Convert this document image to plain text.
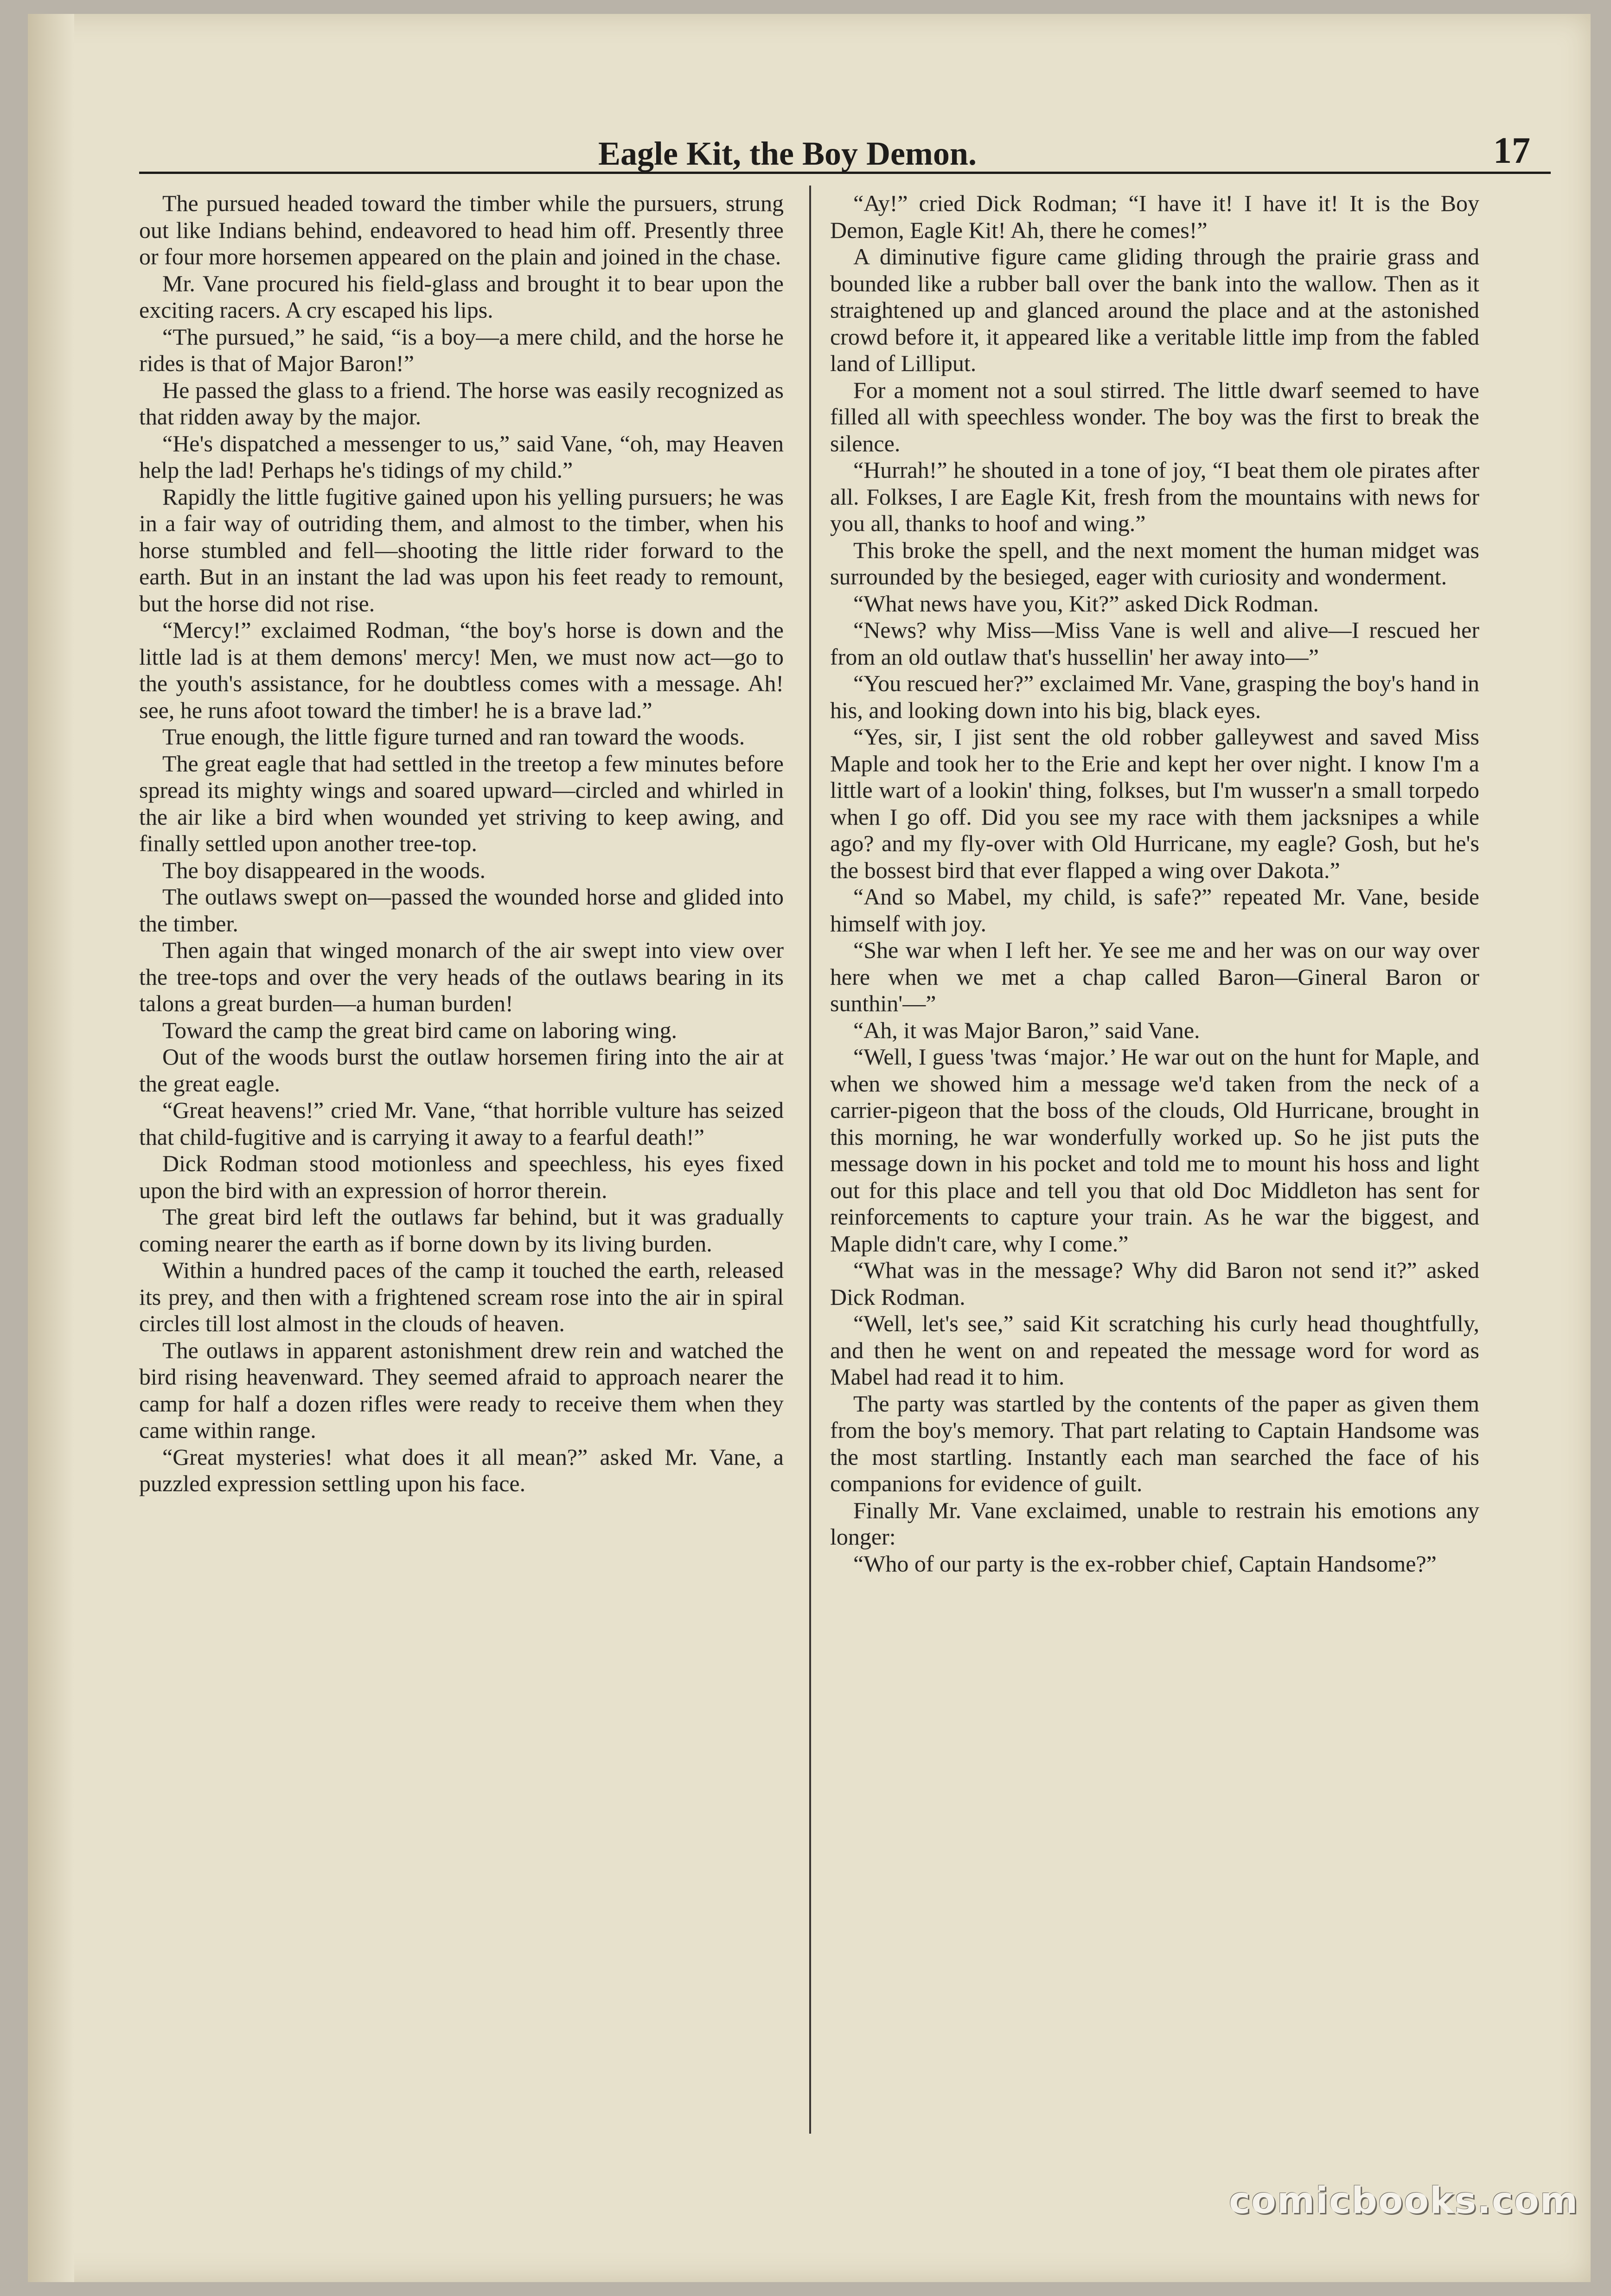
Eagle Kit, the Boy Demon.	17

The pursued headed toward the timber while the pursuers, strung out like Indians behind, endeavored to head him off. Presently three or four more horsemen appeared on the plain and joined in the chase.

Mr. Vane procured his field-glass and brought it to bear upon the exciting racers. A cry escaped his lips.

“The pursued,” he said, “is a boy—a mere child, and the horse he rides is that of Major Baron!”

He passed the glass to a friend. The horse was easily recognized as that ridden away by the major.

“He's dispatched a messenger to us,” said Vane, “oh, may Heaven help the lad! Perhaps he's tidings of my child.”

Rapidly the little fugitive gained upon his yelling pursuers; he was in a fair way of outriding them, and almost to the timber, when his horse stumbled and fell—shooting the little rider forward to the earth. But in an instant the lad was upon his feet ready to remount, but the horse did not rise.

“Mercy!” exclaimed Rodman, “the boy's horse is down and the little lad is at them demons' mercy! Men, we must now act—go to the youth's assistance, for he doubtless comes with a message. Ah! see, he runs afoot toward the timber! he is a brave lad.”

True enough, the little figure turned and ran toward the woods.

The great eagle that had settled in the treetop a few minutes before spread its mighty wings and soared upward—circled and whirled in the air like a bird when wounded yet striving to keep awing, and finally settled upon another tree-top.

The boy disappeared in the woods.

The outlaws swept on—passed the wounded horse and glided into the timber.

Then again that winged monarch of the air swept into view over the tree-tops and over the very heads of the outlaws bearing in its talons a great burden—a human burden!

Toward the camp the great bird came on laboring wing.

Out of the woods burst the outlaw horsemen firing into the air at the great eagle.

“Great heavens!” cried Mr. Vane, “that horrible vulture has seized that child-fugitive and is carrying it away to a fearful death!”

Dick Rodman stood motionless and speechless, his eyes fixed upon the bird with an expression of horror therein.

The great bird left the outlaws far behind, but it was gradually coming nearer the earth as if borne down by its living burden.

Within a hundred paces of the camp it touched the earth, released its prey, and then with a frightened scream rose into the air in spiral circles till lost almost in the clouds of heaven.

The outlaws in apparent astonishment drew rein and watched the bird rising heavenward. They seemed afraid to approach nearer the camp for half a dozen rifles were ready to receive them when they came within range.

“Great mysteries! what does it all mean?” asked Mr. Vane, a puzzled expression settling upon his face.

“Ay!” cried Dick Rodman; “I have it! I have it! It is the Boy Demon, Eagle Kit! Ah, there he comes!”

A diminutive figure came gliding through the prairie grass and bounded like a rubber ball over the bank into the wallow. Then as it straightened up and glanced around the place and at the astonished crowd before it, it appeared like a veritable little imp from the fabled land of Lilliput.

For a moment not a soul stirred. The little dwarf seemed to have filled all with speechless wonder. The boy was the first to break the silence.

“Hurrah!” he shouted in a tone of joy, “I beat them ole pirates after all. Folkses, I are Eagle Kit, fresh from the mountains with news for you all, thanks to hoof and wing.”

This broke the spell, and the next moment the human midget was surrounded by the besieged, eager with curiosity and wonderment.

“What news have you, Kit?” asked Dick Rodman.

“News? why Miss—Miss Vane is well and alive—I rescued her from an old outlaw that's hussellin' her away into—”

“You rescued her?” exclaimed Mr. Vane, grasping the boy's hand in his, and looking down into his big, black eyes.

“Yes, sir, I jist sent the old robber galleywest and saved Miss Maple and took her to the Erie and kept her over night. I know I'm a little wart of a lookin' thing, folkses, but I'm wusser'n a small torpedo when I go off. Did you see my race with them jacksnipes a while ago? and my fly-over with Old Hurricane, my eagle? Gosh, but he's the bossest bird that ever flapped a wing over Dakota.”

“And so Mabel, my child, is safe?” repeated Mr. Vane, beside himself with joy.

“She war when I left her. Ye see me and her was on our way over here when we met a chap called Baron—Gineral Baron or sunthin'—”

“Ah, it was Major Baron,” said Vane.

“Well, I guess 'twas ‘major.’ He war out on the hunt for Maple, and when we showed him a message we'd taken from the neck of a carrier-pigeon that the boss of the clouds, Old Hurricane, brought in this morning, he war wonderfully worked up. So he jist puts the message down in his pocket and told me to mount his hoss and light out for this place and tell you that old Doc Middleton has sent for reinforcements to capture your train. As he war the biggest, and Maple didn't care, why I come.”

“What was in the message? Why did Baron not send it?” asked Dick Rodman.

“Well, let's see,” said Kit scratching his curly head thoughtfully, and then he went on and repeated the message word for word as Mabel had read it to him.

The party was startled by the contents of the paper as given them from the boy's memory. That part relating to Captain Handsome was the most startling. Instantly each man searched the face of his companions for evidence of guilt.

Finally Mr. Vane exclaimed, unable to restrain his emotions any longer:

“Who of our party is the ex-robber chief, Captain Handsome?”

comicbooks.com
